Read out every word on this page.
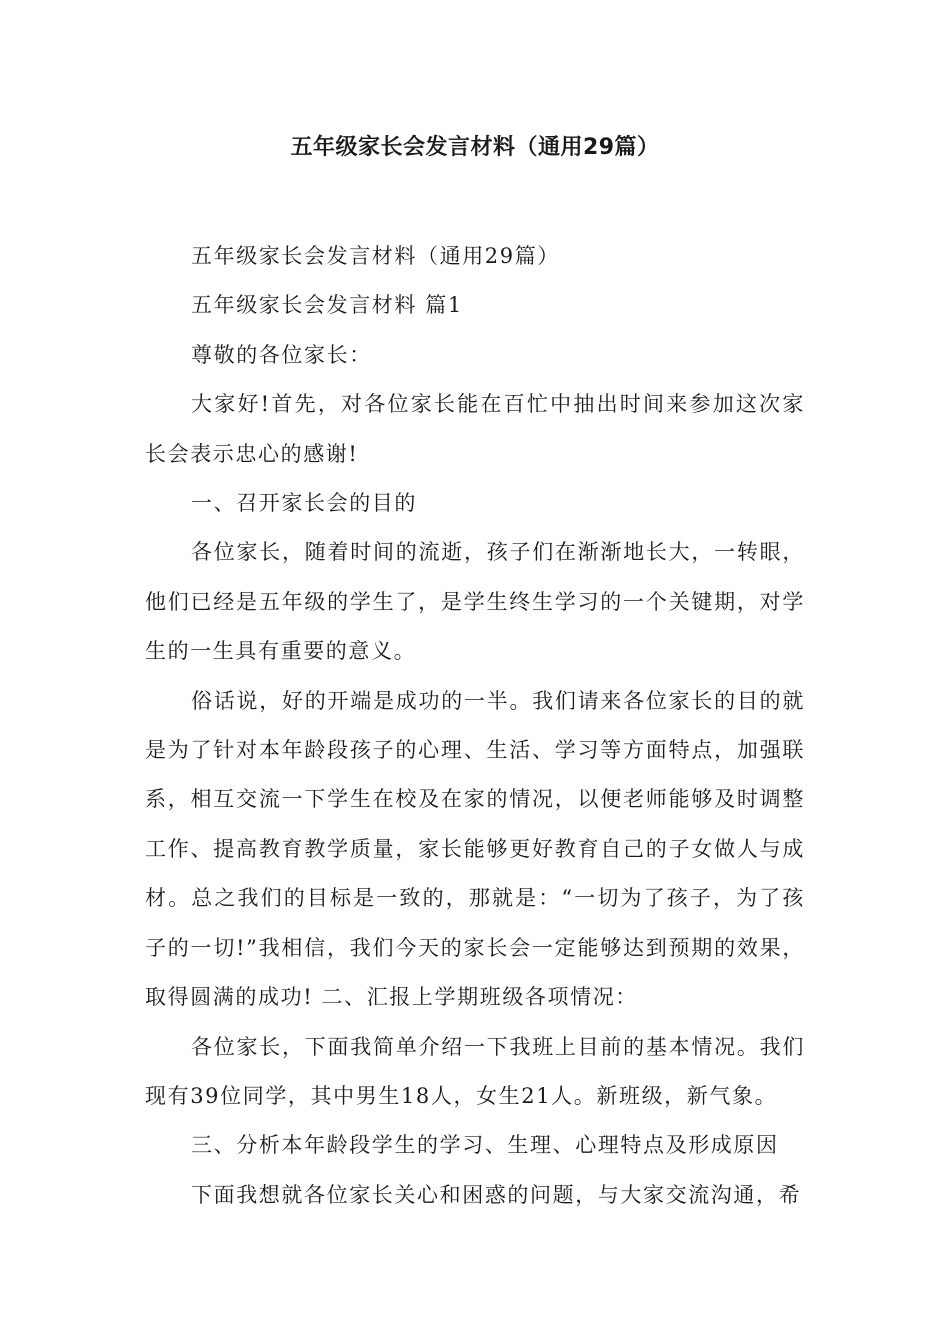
五年级家长会发言材料（通用29篇）

五年级家长会发言材料（通用29篇）

五年级家长会发言材料 篇1

尊敬的各位家长：

大家好!首先，对各位家长能在百忙中抽出时间来参加这次家长会表示忠心的感谢!

一、召开家长会的目的

各位家长，随着时间的流逝，孩子们在渐渐地长大，一转眼，他们已经是五年级的学生了，是学生终生学习的一个关键期，对学生的一生具有重要的意义。

俗话说，好的开端是成功的一半。我们请来各位家长的目的就是为了针对本年龄段孩子的心理、生活、学习等方面特点，加强联系，相互交流一下学生在校及在家的情况，以便老师能够及时调整工作、提高教育教学质量，家长能够更好教育自己的子女做人与成材。总之我们的目标是一致的，那就是：“一切为了孩子，为了孩子的一切!”我相信，我们今天的家长会一定能够达到预期的效果，取得圆满的成功! 二、汇报上学期班级各项情况：

各位家长，下面我简单介绍一下我班上目前的基本情况。我们现有39位同学，其中男生18人，女生21人。新班级，新气象。

三、分析本年龄段学生的学习、生理、心理特点及形成原因

下面我想就各位家长关心和困惑的问题，与大家交流沟通，希
